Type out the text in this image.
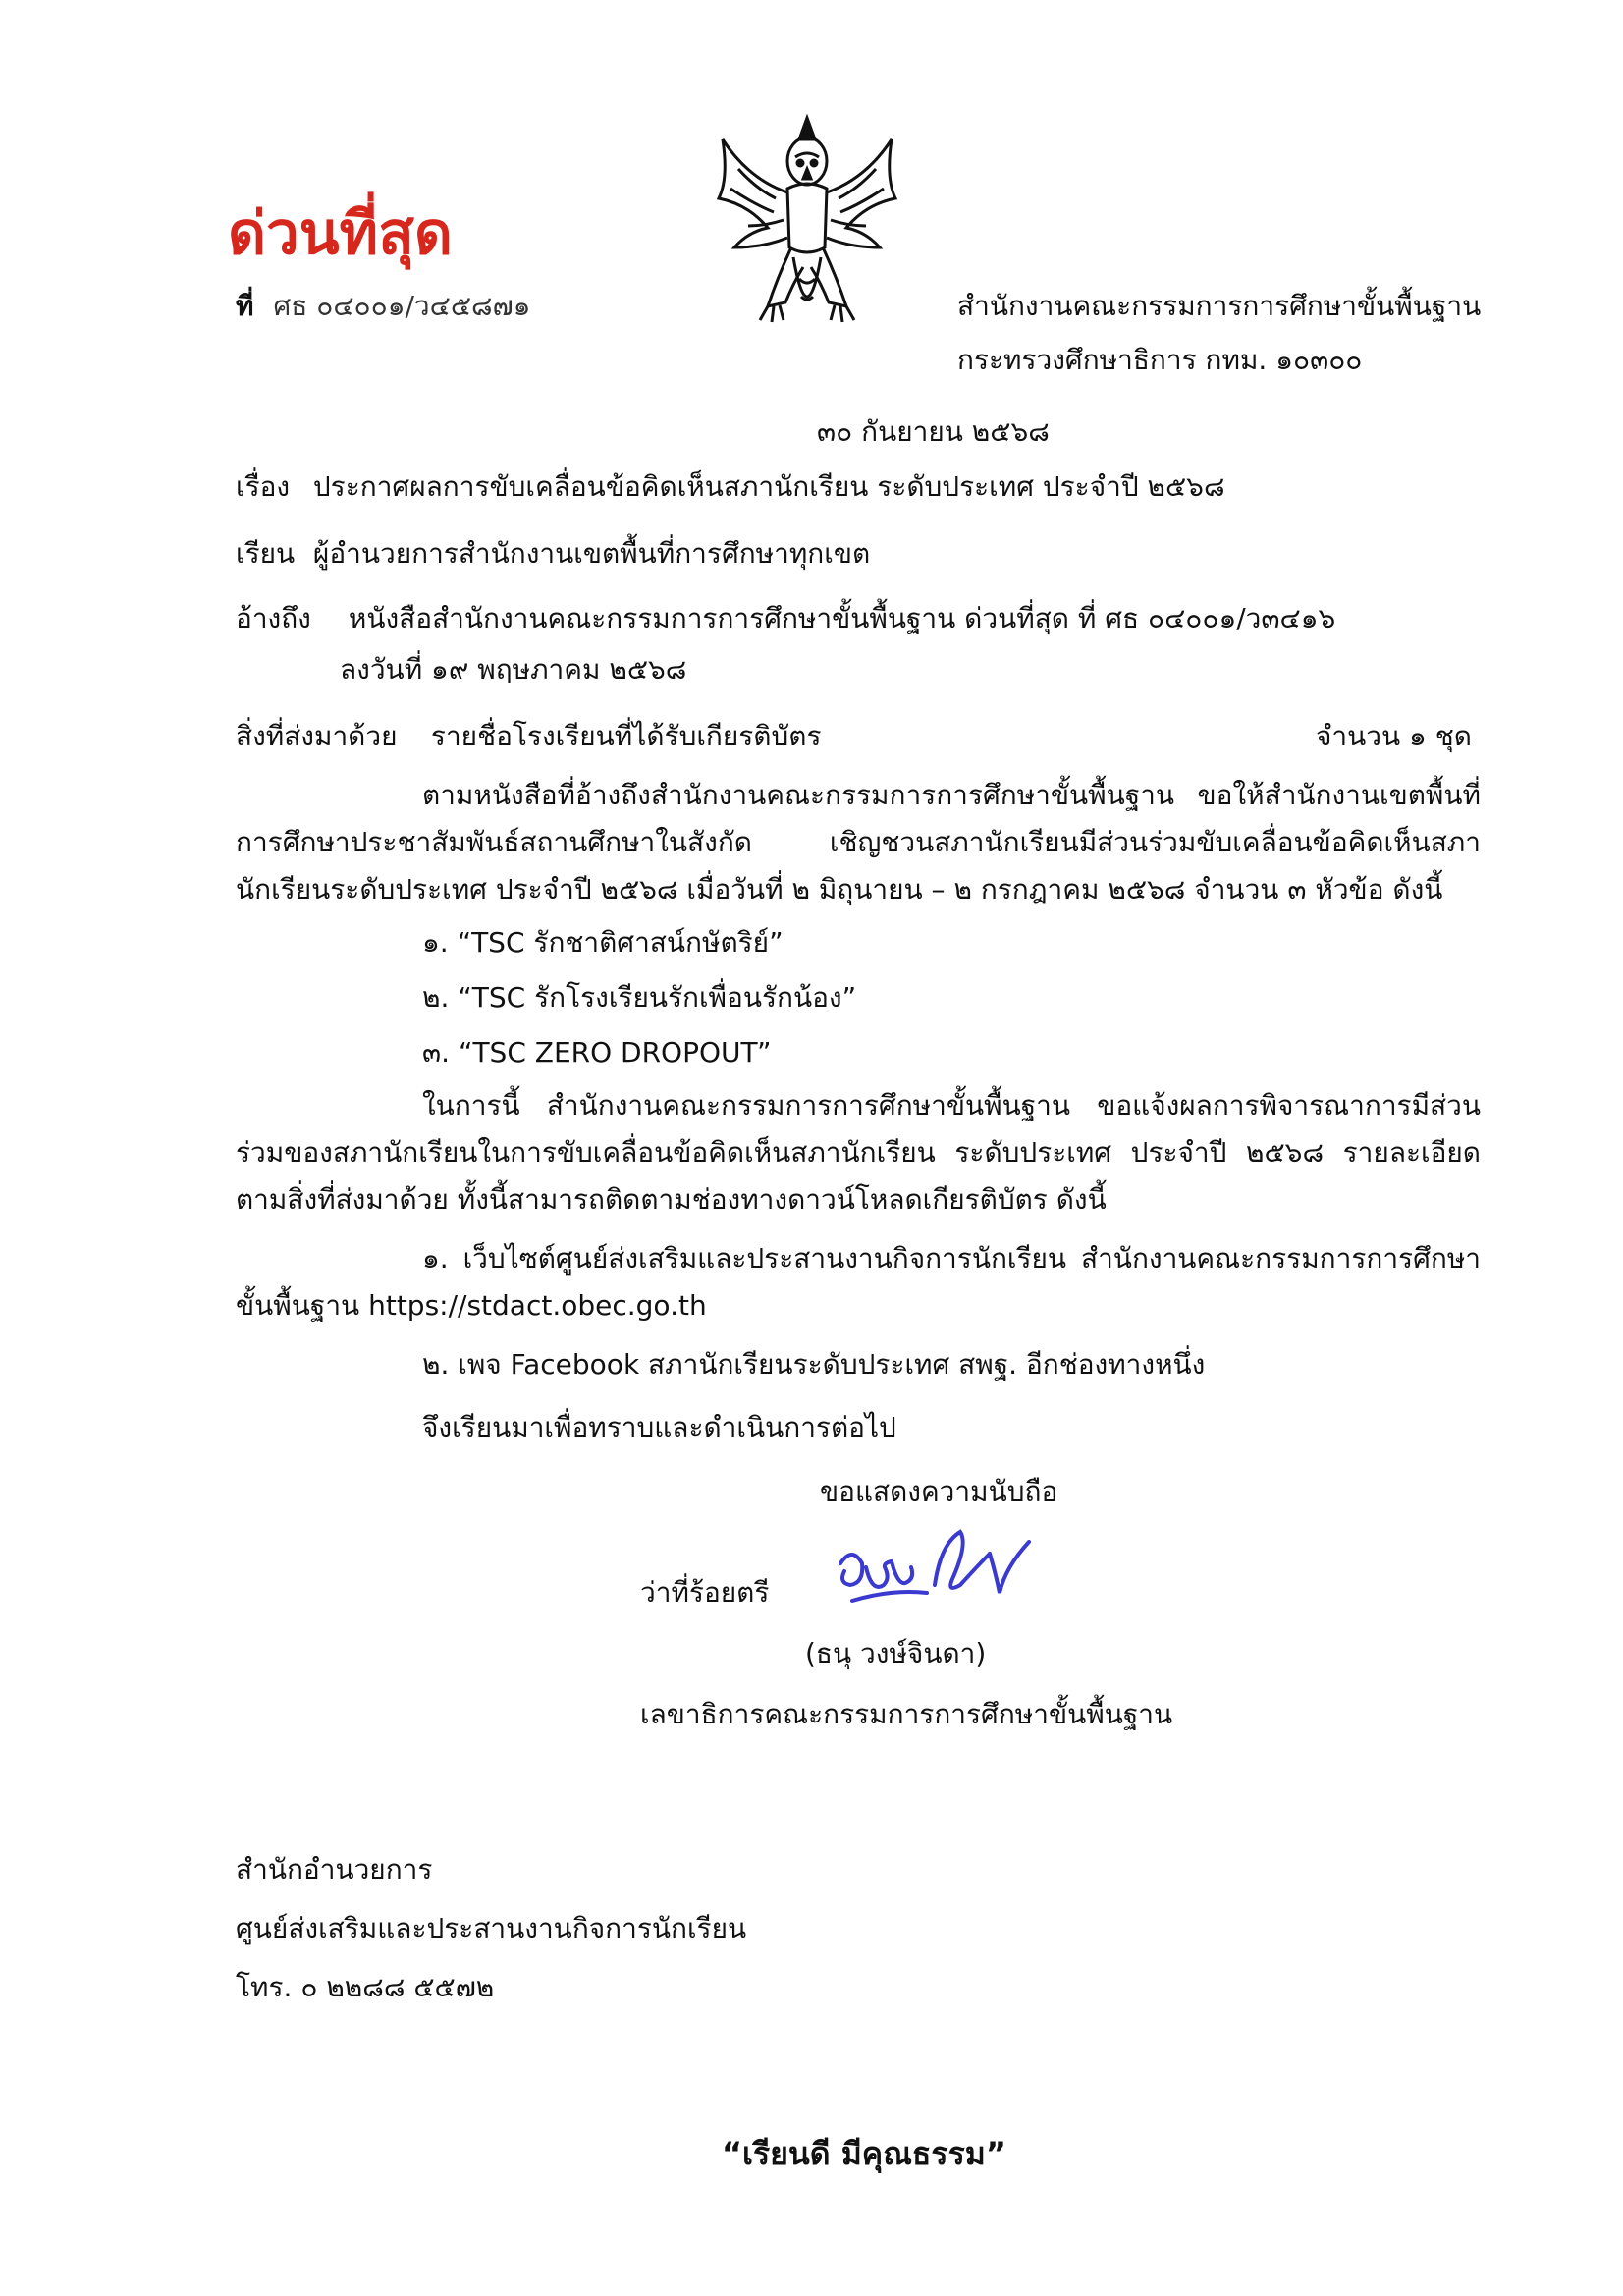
ด่วนที่สุด
ที่ ศธ ๐๔๐๐๑/ว๔๕๘๗๑	สำนักงานคณะกรรมการการศึกษาขั้นพื้นฐาน
กระทรวงศึกษาธิการ กทม. ๑๐๓๐๐
๓๐ กันยายน ๒๕๖๘
เรื่อง ประกาศผลการขับเคลื่อนข้อคิดเห็นสภานักเรียน ระดับประเทศ ประจำปี ๒๕๖๘
เรียน ผู้อำนวยการสำนักงานเขตพื้นที่การศึกษาทุกเขต
อ้างถึง หนังสือสำนักงานคณะกรรมการการศึกษาขั้นพื้นฐาน ด่วนที่สุด ที่ ศธ ๐๔๐๐๑/ว๓๔๑๖
ลงวันที่ ๑๙ พฤษภาคม ๒๕๖๘
สิ่งที่ส่งมาด้วย รายชื่อโรงเรียนที่ได้รับเกียรติบัตร	จำนวน ๑ ชุด
ตามหนังสือที่อ้างถึงสำนักงานคณะกรรมการการศึกษาขั้นพื้นฐาน ขอให้สำนักงานเขตพื้นที่การศึกษาประชาสัมพันธ์สถานศึกษาในสังกัด เชิญชวนสภานักเรียนมีส่วนร่วมขับเคลื่อนข้อคิดเห็นสภานักเรียนระดับประเทศ ประจำปี ๒๕๖๘ เมื่อวันที่ ๒ มิถุนายน – ๒ กรกฎาคม ๒๕๖๘ จำนวน ๓ หัวข้อ ดังนี้
๑. “TSC รักชาติศาสน์กษัตริย์”
๒. “TSC รักโรงเรียนรักเพื่อนรักน้อง”
๓. “TSC ZERO DROPOUT”
ในการนี้ สำนักงานคณะกรรมการการศึกษาขั้นพื้นฐาน ขอแจ้งผลการพิจารณาการมีส่วนร่วมของสภานักเรียนในการขับเคลื่อนข้อคิดเห็นสภานักเรียน ระดับประเทศ ประจำปี ๒๕๖๘ รายละเอียดตามสิ่งที่ส่งมาด้วย ทั้งนี้สามารถติดตามช่องทางดาวน์โหลดเกียรติบัตร ดังนี้
๑. เว็บไซต์ศูนย์ส่งเสริมและประสานงานกิจการนักเรียน สำนักงานคณะกรรมการการศึกษาขั้นพื้นฐาน https://stdact.obec.go.th
๒. เพจ Facebook สภานักเรียนระดับประเทศ สพฐ. อีกช่องทางหนึ่ง
จึงเรียนมาเพื่อทราบและดำเนินการต่อไป
ขอแสดงความนับถือ
ว่าที่ร้อยตรี
(ธนุ วงษ์จินดา)
เลขาธิการคณะกรรมการการศึกษาขั้นพื้นฐาน
สำนักอำนวยการ
ศูนย์ส่งเสริมและประสานงานกิจการนักเรียน
โทร. ๐ ๒๒๘๘ ๕๕๗๒
“เรียนดี มีคุณธรรม”
